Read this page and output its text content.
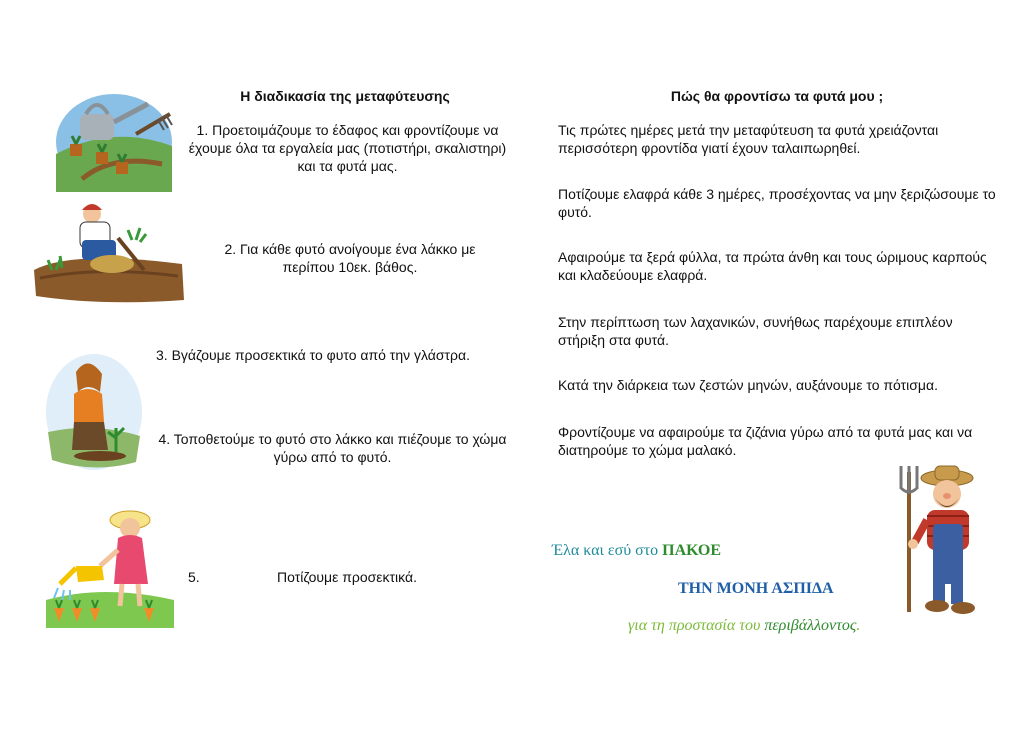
Η διαδικασία της μεταφύτευσης
1. Προετοιμάζουμε το έδαφος και φροντίζουμε να έχουμε όλα τα εργαλεία μας (ποτιστήρι, σκαλιστηρι) και τα φυτά μας.
2. Για κάθε φυτό ανοίγουμε ένα λάκκο με περίπου 10εκ. βάθος.
3. Βγάζουμε προσεκτικά το φυτο από την γλάστρα.
4. Τοποθετούμε το φυτό στο λάκκο και πιέζουμε το χώμα γύρω από το φυτό.
5.	Ποτίζουμε προσεκτικά.
Πώς θα φροντίσω τα φυτά μου ;
Τις πρώτες ημέρες μετά την μεταφύτευση τα φυτά χρειάζονται περισσότερη φροντίδα γιατί έχουν ταλαιπωρηθεί.
Ποτίζουμε ελαφρά κάθε 3 ημέρες, προσέχοντας να μην ξεριζώσουμε το φυτό.
Αφαιρούμε τα ξερά φύλλα, τα πρώτα άνθη και τους ώριμους καρπούς και κλαδεύουμε ελαφρά.
Στην περίπτωση των λαχανικών, συνήθως παρέχουμε επιπλέον στήριξη στα φυτά.
Κατά την διάρκεια των ζεστών μηνών, αυξάνουμε το πότισμα.
Φροντίζουμε να αφαιρούμε τα ζιζάνια γύρω από τα φυτά μας και να διατηρούμε το χώμα μαλακό.
Έλα και εσύ στο ΠΑΚΟΕ
ΤΗΝ ΜΟΝΗ ΑΣΠΙΔΑ
για τη προστασία του περιβάλλοντος.
